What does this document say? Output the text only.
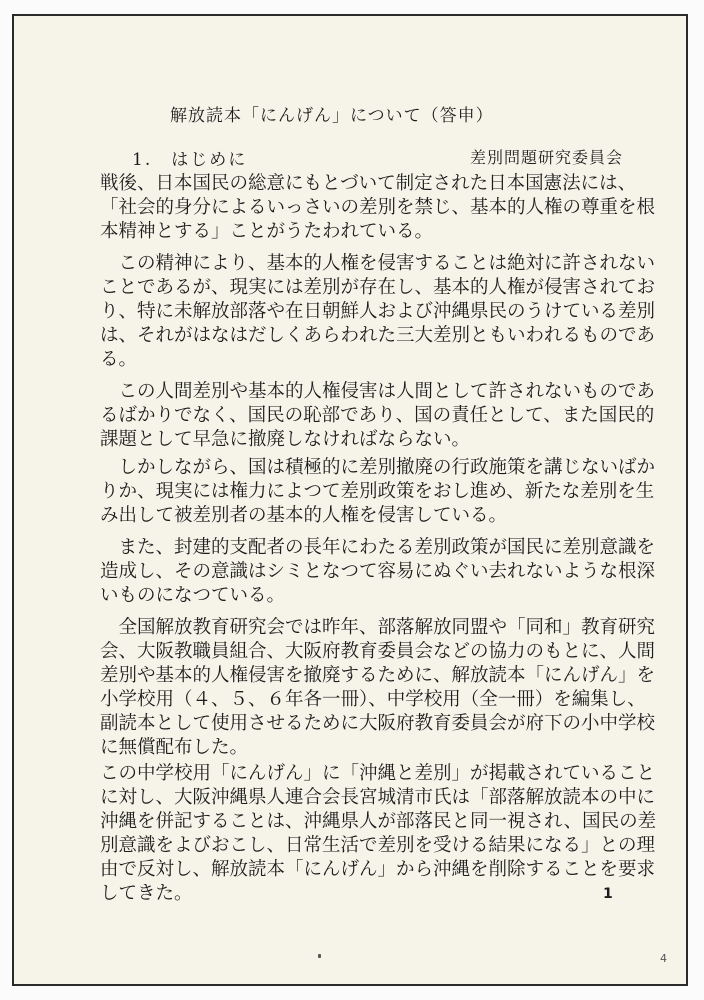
解放読本「にんげん」について（答申）
1.　はじめに	差別問題研究委員会
戦後、日本国民の総意にもとづいて制定された日本国憲法には、
「社会的身分によるいっさいの差別を禁じ、基本的人権の尊重を根
本精神とする」ことがうたわれている。
　この精神により、基本的人権を侵害することは絶対に許されない
ことであるが、現実には差別が存在し、基本的人権が侵害されてお
り、特に未解放部落や在日朝鮮人および沖縄県民のうけている差別
は、それがはなはだしくあらわれた三大差別ともいわれるものであ
る。
　この人間差別や基本的人権侵害は人間として許されないものであ
るばかりでなく、国民の恥部であり、国の責任として、また国民的
課題として早急に撤廃しなければならない。
　しかしながら、国は積極的に差別撤廃の行政施策を講じないばか
りか、現実には権力によつて差別政策をおし進め、新たな差別を生
み出して被差別者の基本的人権を侵害している。
　また、封建的支配者の長年にわたる差別政策が国民に差別意識を
造成し、その意識はシミとなつて容易にぬぐい去れないような根深
いものになつている。
　全国解放教育研究会では昨年、部落解放同盟や「同和」教育研究
会、大阪教職員組合、大阪府教育委員会などの協力のもとに、人間
差別や基本的人権侵害を撤廃するために、解放読本「にんげん」を
小学校用（４、５、６年各一冊）、中学校用（全一冊）を編集し、
副読本として使用させるために大阪府教育委員会が府下の小中学校
に無償配布した。
この中学校用「にんげん」に「沖縄と差別」が掲載されていること
に対し、大阪沖縄県人連合会長宮城清市氏は「部落解放読本の中に
沖縄を併記することは、沖縄県人が部落民と同一視され、国民の差
別意識をよびおこし、日常生活で差別を受ける結果になる」との理
由で反対し、解放読本「にんげん」から沖縄を削除することを要求
してきた。	1
4
